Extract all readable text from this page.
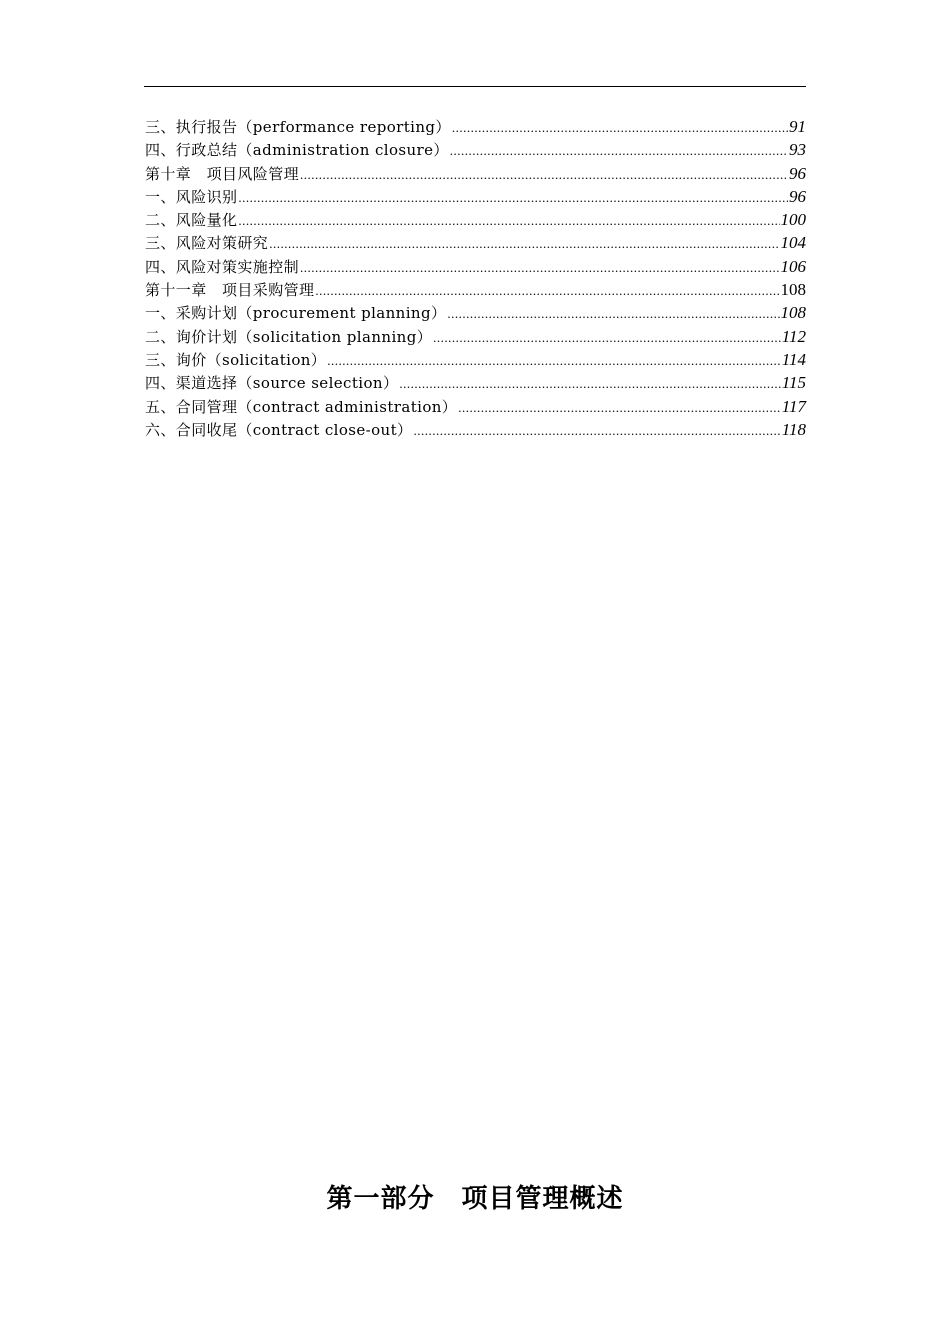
三、执行报告（performance reporting） .....	91
四、行政总结（administration closure） .....	93
第十章　项目风险管理 .....	96
一、风险识别 .....	96
二、风险量化 .....	100
三、风险对策研究 .....	104
四、风险对策实施控制 .....	106
第十一章　项目采购管理 .....	108
一、采购计划（procurement planning） .....	108
二、询价计划（solicitation planning） .....	112
三、询价（solicitation） .....	114
四、渠道选择（source selection） .....	115
五、合同管理（contract administration） .....	117
六、合同收尾（contract close-out） .....	118
第一部分　项目管理概述
